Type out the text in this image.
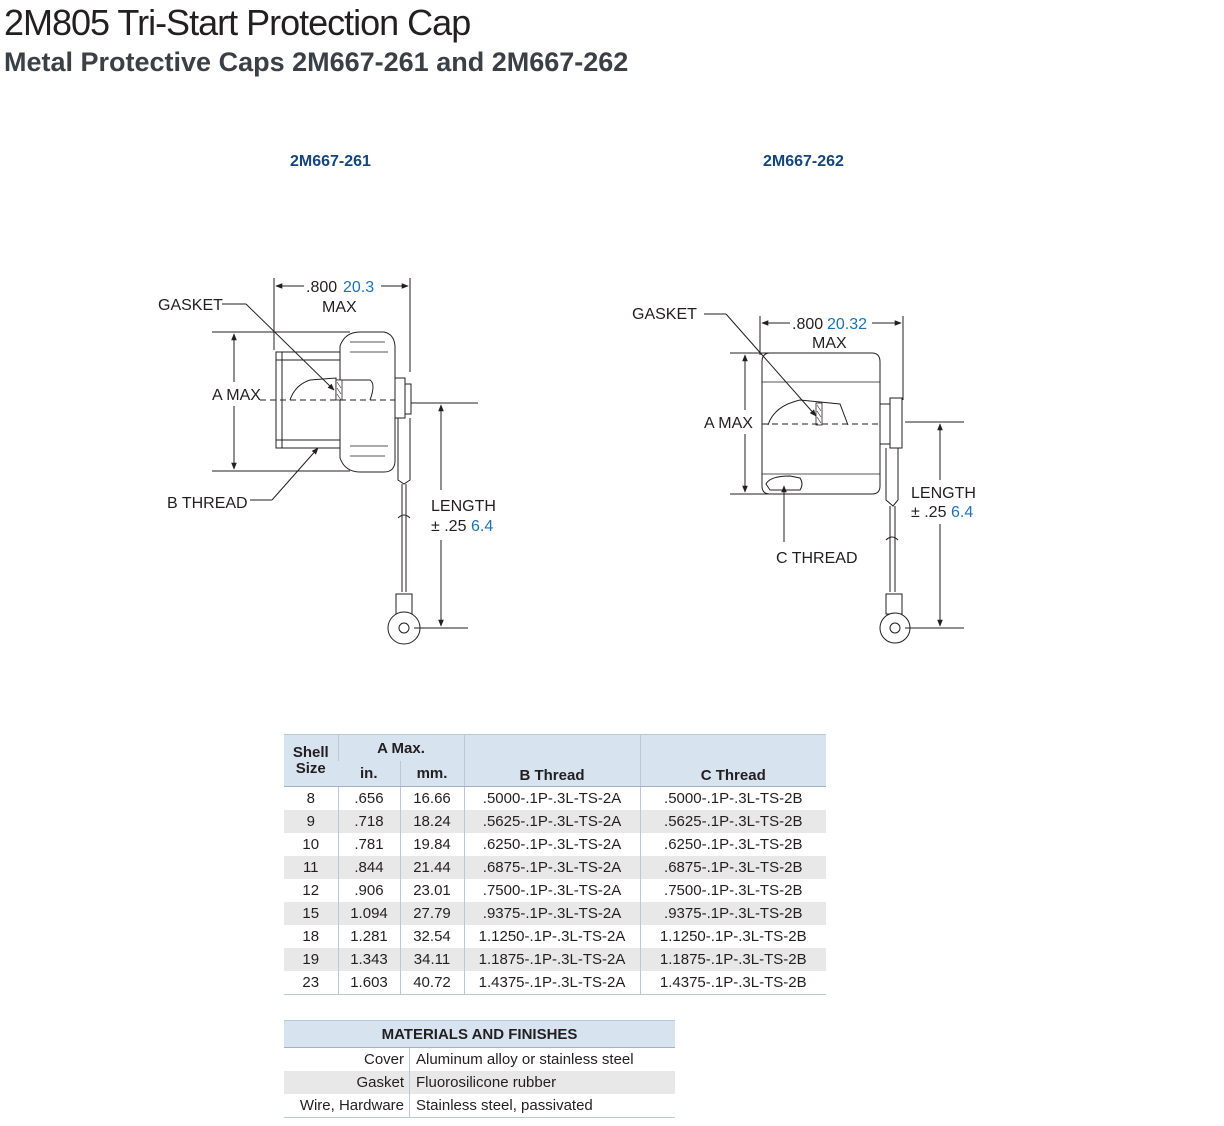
2M805 Tri-Start Protection Cap
Metal Protective Caps 2M667-261 and 2M667-262
2M667-261	2M667-262
.800 20.3
MAX
GASKET
A MAX
B THREAD	LENGTH
± .25 6.4
.800 20.32
MAX
GASKET
A MAX
C THREAD
LENGTH
± .25 6.4
Shell Size	A Max.		B Thread	C Thread
	in.	mm.		
8	.656	16.66	.5000-.1P-.3L-TS-2A	.5000-.1P-.3L-TS-2B
9	.718	18.24	.5625-.1P-.3L-TS-2A	.5625-.1P-.3L-TS-2B
10	.781	19.84	.6250-.1P-.3L-TS-2A	.6250-.1P-.3L-TS-2B
11	.844	21.44	.6875-.1P-.3L-TS-2A	.6875-.1P-.3L-TS-2B
12	.906	23.01	.7500-.1P-.3L-TS-2A	.7500-.1P-.3L-TS-2B
15	1.094	27.79	.9375-.1P-.3L-TS-2A	.9375-.1P-.3L-TS-2B
18	1.281	32.54	1.1250-.1P-.3L-TS-2A	1.1250-.1P-.3L-TS-2B
19	1.343	34.11	1.1875-.1P-.3L-TS-2A	1.1875-.1P-.3L-TS-2B
23	1.603	40.72	1.4375-.1P-.3L-TS-2A	1.4375-.1P-.3L-TS-2B
MATERIALS AND FINISHES	
Cover	Aluminum alloy or stainless steel
Gasket	Fluorosilicone rubber
Wire, Hardware	Stainless steel, passivated
